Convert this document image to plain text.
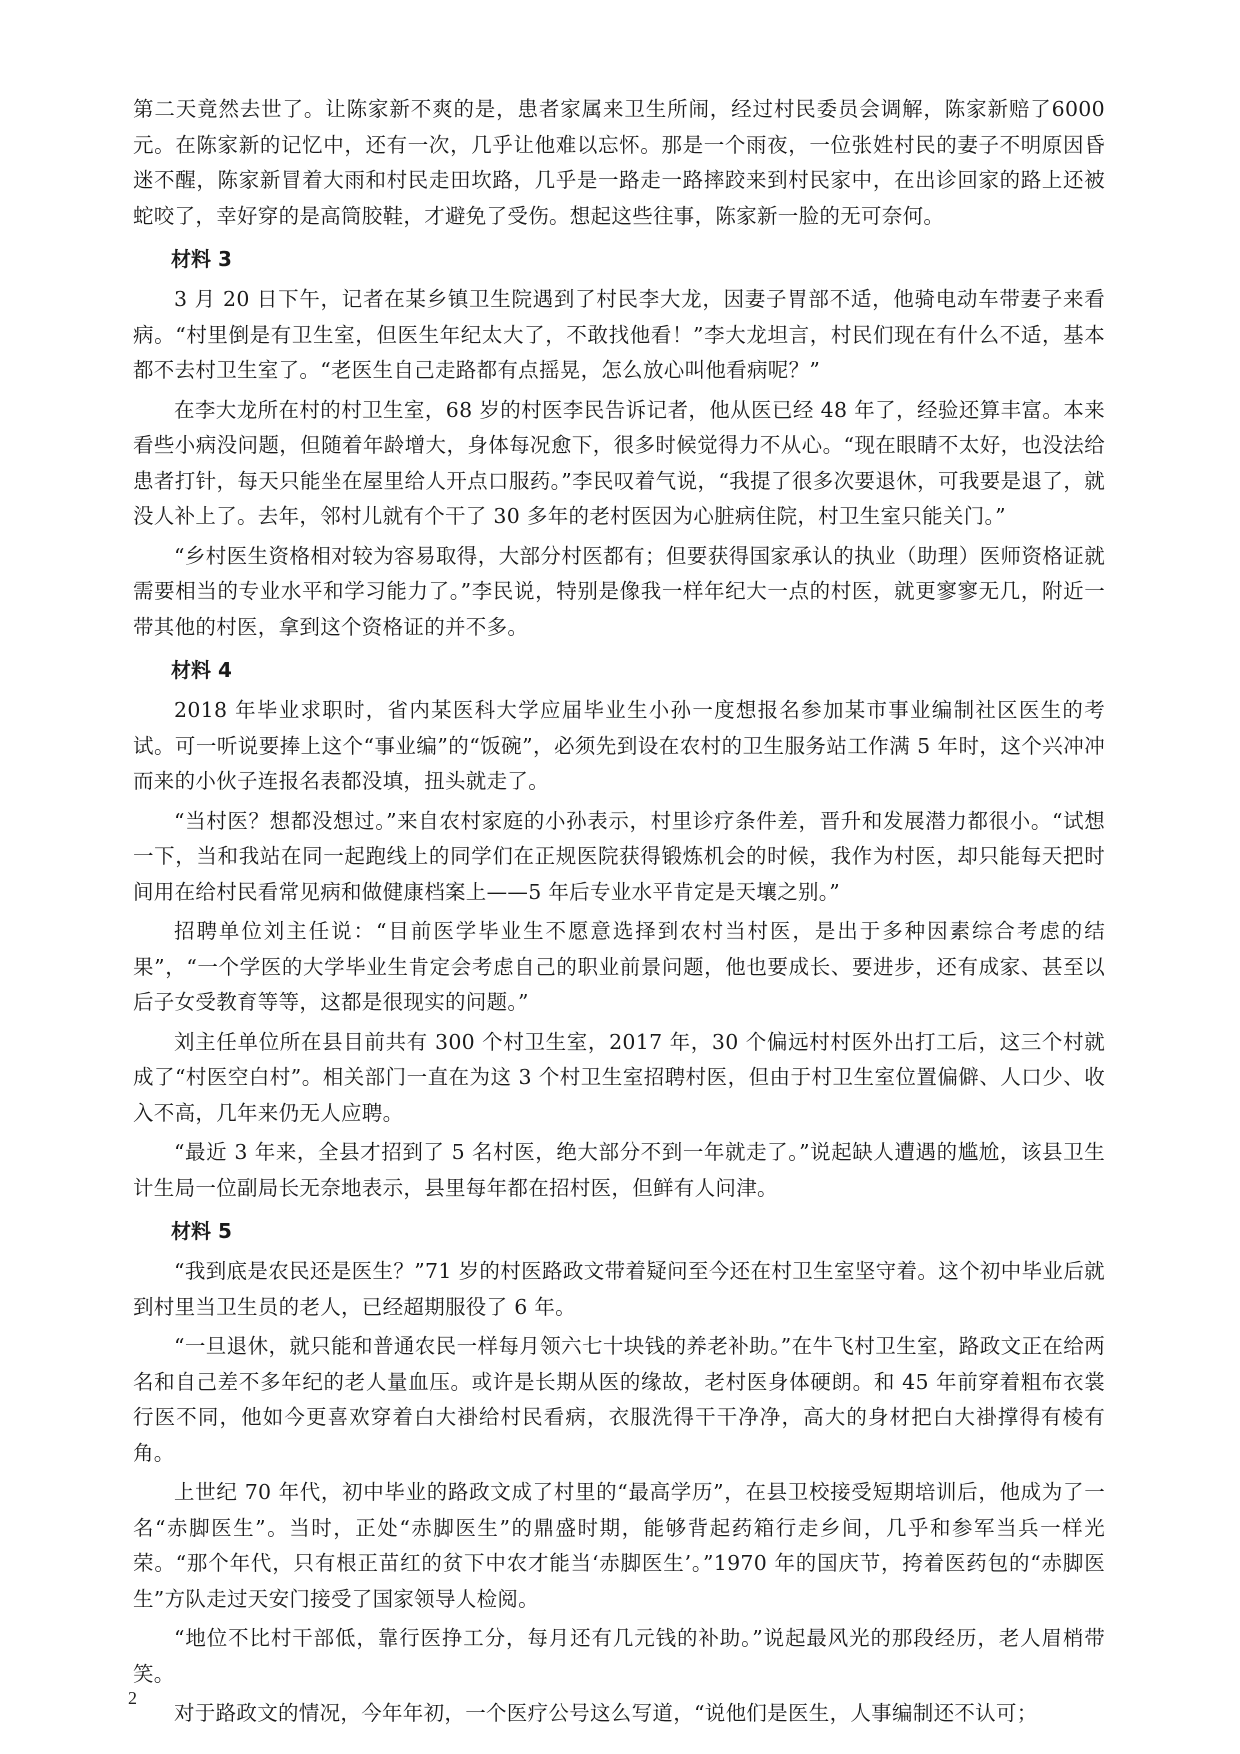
第二天竟然去世了。让陈家新不爽的是，患者家属来卫生所闹，经过村民委员会调解，陈家新赔了6000元。在陈家新的记忆中，还有一次，几乎让他难以忘怀。那是一个雨夜，一位张姓村民的妻子不明原因昏迷不醒，陈家新冒着大雨和村民走田坎路，几乎是一路走一路摔跤来到村民家中，在出诊回家的路上还被蛇咬了，幸好穿的是高筒胶鞋，才避免了受伤。想起这些往事，陈家新一脸的无可奈何。

材料 3

3 月 20 日下午，记者在某乡镇卫生院遇到了村民李大龙，因妻子胃部不适，他骑电动车带妻子来看病。“村里倒是有卫生室，但医生年纪太大了，不敢找他看！”李大龙坦言，村民们现在有什么不适，基本都不去村卫生室了。“老医生自己走路都有点摇晃，怎么放心叫他看病呢？”

在李大龙所在村的村卫生室，68 岁的村医李民告诉记者，他从医已经 48 年了，经验还算丰富。本来看些小病没问题，但随着年龄增大，身体每况愈下，很多时候觉得力不从心。“现在眼睛不太好，也没法给患者打针，每天只能坐在屋里给人开点口服药。”李民叹着气说，“我提了很多次要退休，可我要是退了，就没人补上了。去年，邻村儿就有个干了 30 多年的老村医因为心脏病住院，村卫生室只能关门。”

“乡村医生资格相对较为容易取得，大部分村医都有；但要获得国家承认的执业（助理）医师资格证就需要相当的专业水平和学习能力了。”李民说，特别是像我一样年纪大一点的村医，就更寥寥无几，附近一带其他的村医，拿到这个资格证的并不多。

材料 4

2018 年毕业求职时，省内某医科大学应届毕业生小孙一度想报名参加某市事业编制社区医生的考试。可一听说要捧上这个“事业编”的“饭碗”，必须先到设在农村的卫生服务站工作满 5 年时，这个兴冲冲而来的小伙子连报名表都没填，扭头就走了。

“当村医？想都没想过。”来自农村家庭的小孙表示，村里诊疗条件差，晋升和发展潜力都很小。“试想一下，当和我站在同一起跑线上的同学们在正规医院获得锻炼机会的时候，我作为村医，却只能每天把时间用在给村民看常见病和做健康档案上——5 年后专业水平肯定是天壤之别。”

招聘单位刘主任说：“目前医学毕业生不愿意选择到农村当村医，是出于多种因素综合考虑的结果”，“一个学医的大学毕业生肯定会考虑自己的职业前景问题，他也要成长、要进步，还有成家、甚至以后子女受教育等等，这都是很现实的问题。”

刘主任单位所在县目前共有 300 个村卫生室，2017 年，30 个偏远村村医外出打工后，这三个村就成了“村医空白村”。相关部门一直在为这 3 个村卫生室招聘村医，但由于村卫生室位置偏僻、人口少、收入不高，几年来仍无人应聘。

“最近 3 年来，全县才招到了 5 名村医，绝大部分不到一年就走了。”说起缺人遭遇的尴尬，该县卫生计生局一位副局长无奈地表示，县里每年都在招村医，但鲜有人问津。

材料 5

“我到底是农民还是医生？”71 岁的村医路政文带着疑问至今还在村卫生室坚守着。这个初中毕业后就到村里当卫生员的老人，已经超期服役了 6 年。

“一旦退休，就只能和普通农民一样每月领六七十块钱的养老补助。”在牛飞村卫生室，路政文正在给两名和自己差不多年纪的老人量血压。或许是长期从医的缘故，老村医身体硬朗。和 45 年前穿着粗布衣裳行医不同，他如今更喜欢穿着白大褂给村民看病，衣服洗得干干净净，高大的身材把白大褂撑得有棱有角。

上世纪 70 年代，初中毕业的路政文成了村里的“最高学历”，在县卫校接受短期培训后，他成为了一名“赤脚医生”。当时，正处“赤脚医生”的鼎盛时期，能够背起药箱行走乡间，几乎和参军当兵一样光荣。“那个年代，只有根正苗红的贫下中农才能当‘赤脚医生’。”1970 年的国庆节，挎着医药包的“赤脚医生”方队走过天安门接受了国家领导人检阅。

“地位不比村干部低，靠行医挣工分，每月还有几元钱的补助。”说起最风光的那段经历，老人眉梢带笑。

对于路政文的情况，今年年初，一个医疗公号这么写道，“说他们是医生，人事编制还不认可；

2
